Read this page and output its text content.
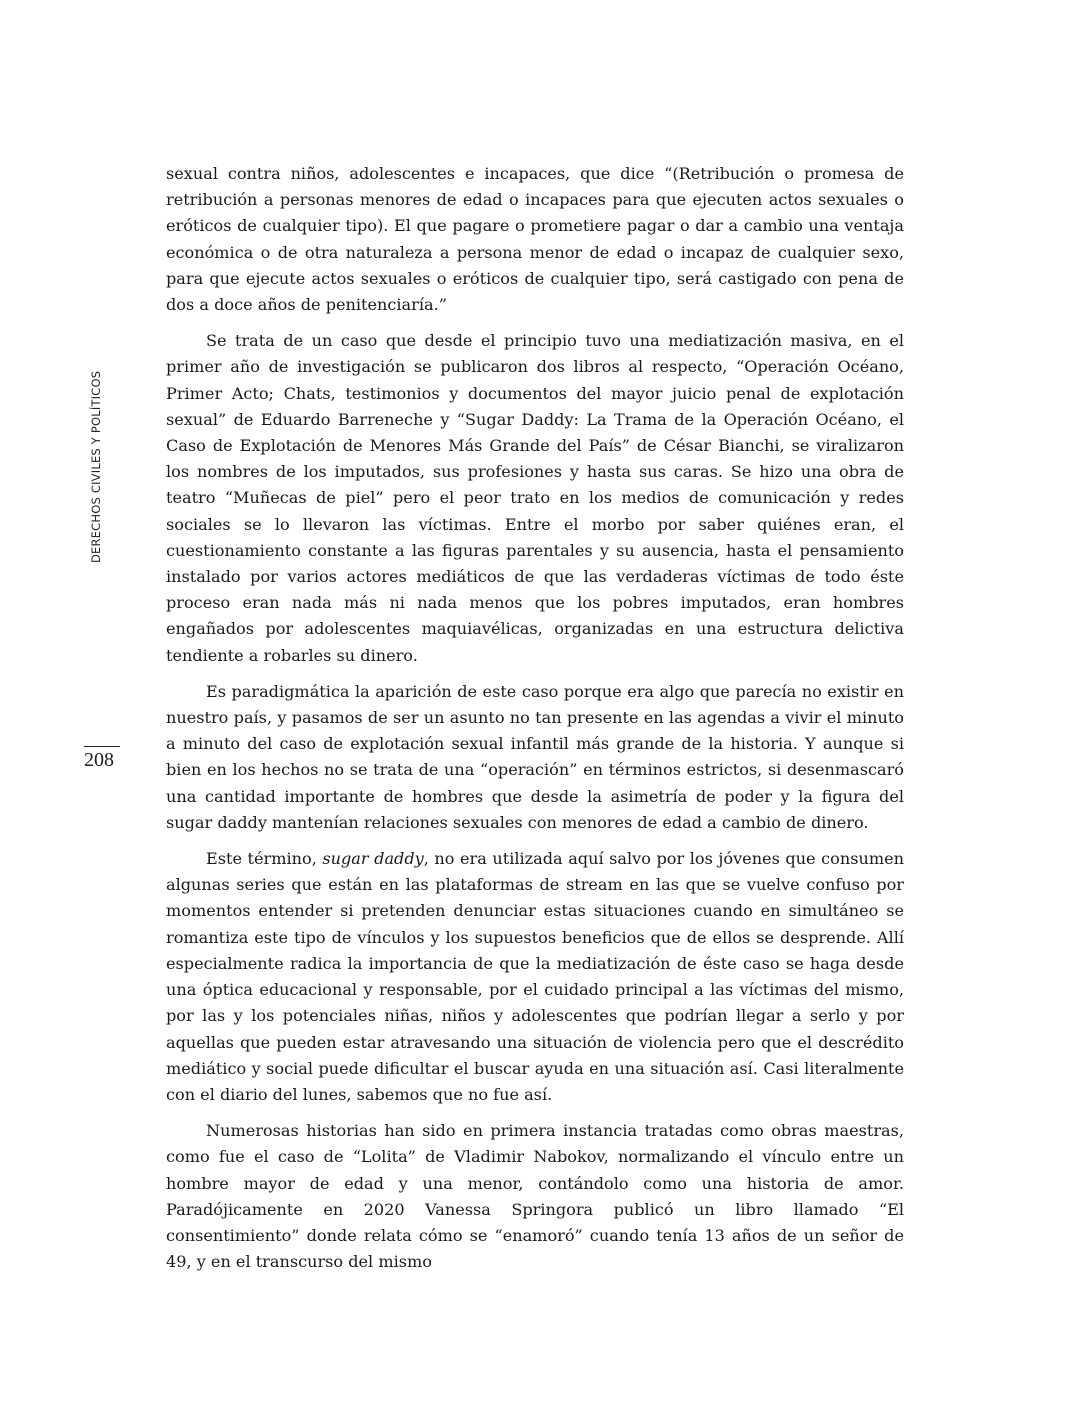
DERECHOS CIVILES Y POLÍTICOS
208

sexual contra niños, adolescentes e incapaces, que dice “(Retribución o promesa de retribución a personas menores de edad o incapaces para que ejecuten actos sexuales o eróticos de cualquier tipo). El que pagare o prometiere pagar o dar a cambio una ventaja económica o de otra naturaleza a persona menor de edad o incapaz de cualquier sexo, para que ejecute actos sexuales o eróticos de cualquier tipo, será castigado con pena de dos a doce años de penitenciaría.”

Se trata de un caso que desde el principio tuvo una mediatización masiva, en el primer año de investigación se publicaron dos libros al respecto, “Operación Océano, Primer Acto; Chats, testimonios y documentos del mayor juicio penal de explotación sexual” de Eduardo Barreneche y “Sugar Daddy: La Trama de la Operación Océano, el Caso de Explotación de Menores Más Grande del País” de César Bianchi, se viralizaron los nombres de los imputados, sus profesiones y hasta sus caras. Se hizo una obra de teatro “Muñecas de piel” pero el peor trato en los medios de comunicación y redes sociales se lo llevaron las víctimas. Entre el morbo por saber quiénes eran, el cuestionamiento constante a las figuras parentales y su ausencia, hasta el pensamiento instalado por varios actores mediáticos de que las verdaderas víctimas de todo éste proceso eran nada más ni nada menos que los pobres imputados, eran hombres engañados por adolescentes maquiavélicas, organizadas en una estructura delictiva tendiente a robarles su dinero.

Es paradigmática la aparición de este caso porque era algo que parecía no existir en nuestro país, y pasamos de ser un asunto no tan presente en las agendas a vivir el minuto a minuto del caso de explotación sexual infantil más grande de la historia. Y aunque si bien en los hechos no se trata de una “operación” en términos estrictos, si desenmascaró una cantidad importante de hombres que desde la asimetría de poder y la figura del sugar daddy mantenían relaciones sexuales con menores de edad a cambio de dinero.

Este término, sugar daddy, no era utilizada aquí salvo por los jóvenes que consumen algunas series que están en las plataformas de stream en las que se vuelve confuso por momentos entender si pretenden denunciar estas situaciones cuando en simultáneo se romantiza este tipo de vínculos y los supuestos beneficios que de ellos se desprende. Allí especialmente radica la importancia de que la mediatización de éste caso se haga desde una óptica educacional y responsable, por el cuidado principal a las víctimas del mismo, por las y los potenciales niñas, niños y adolescentes que podrían llegar a serlo y por aquellas que pueden estar atravesando una situación de violencia pero que el descrédito mediático y social puede dificultar el buscar ayuda en una situación así. Casi literalmente con el diario del lunes, sabemos que no fue así.

Numerosas historias han sido en primera instancia tratadas como obras maestras, como fue el caso de “Lolita” de Vladimir Nabokov, normalizando el vínculo entre un hombre mayor de edad y una menor, contándolo como una historia de amor. Paradójicamente en 2020 Vanessa Springora publicó un libro llamado “El consentimiento” donde relata cómo se “enamoró” cuando tenía 13 años de un señor de 49, y en el transcurso del mismo
